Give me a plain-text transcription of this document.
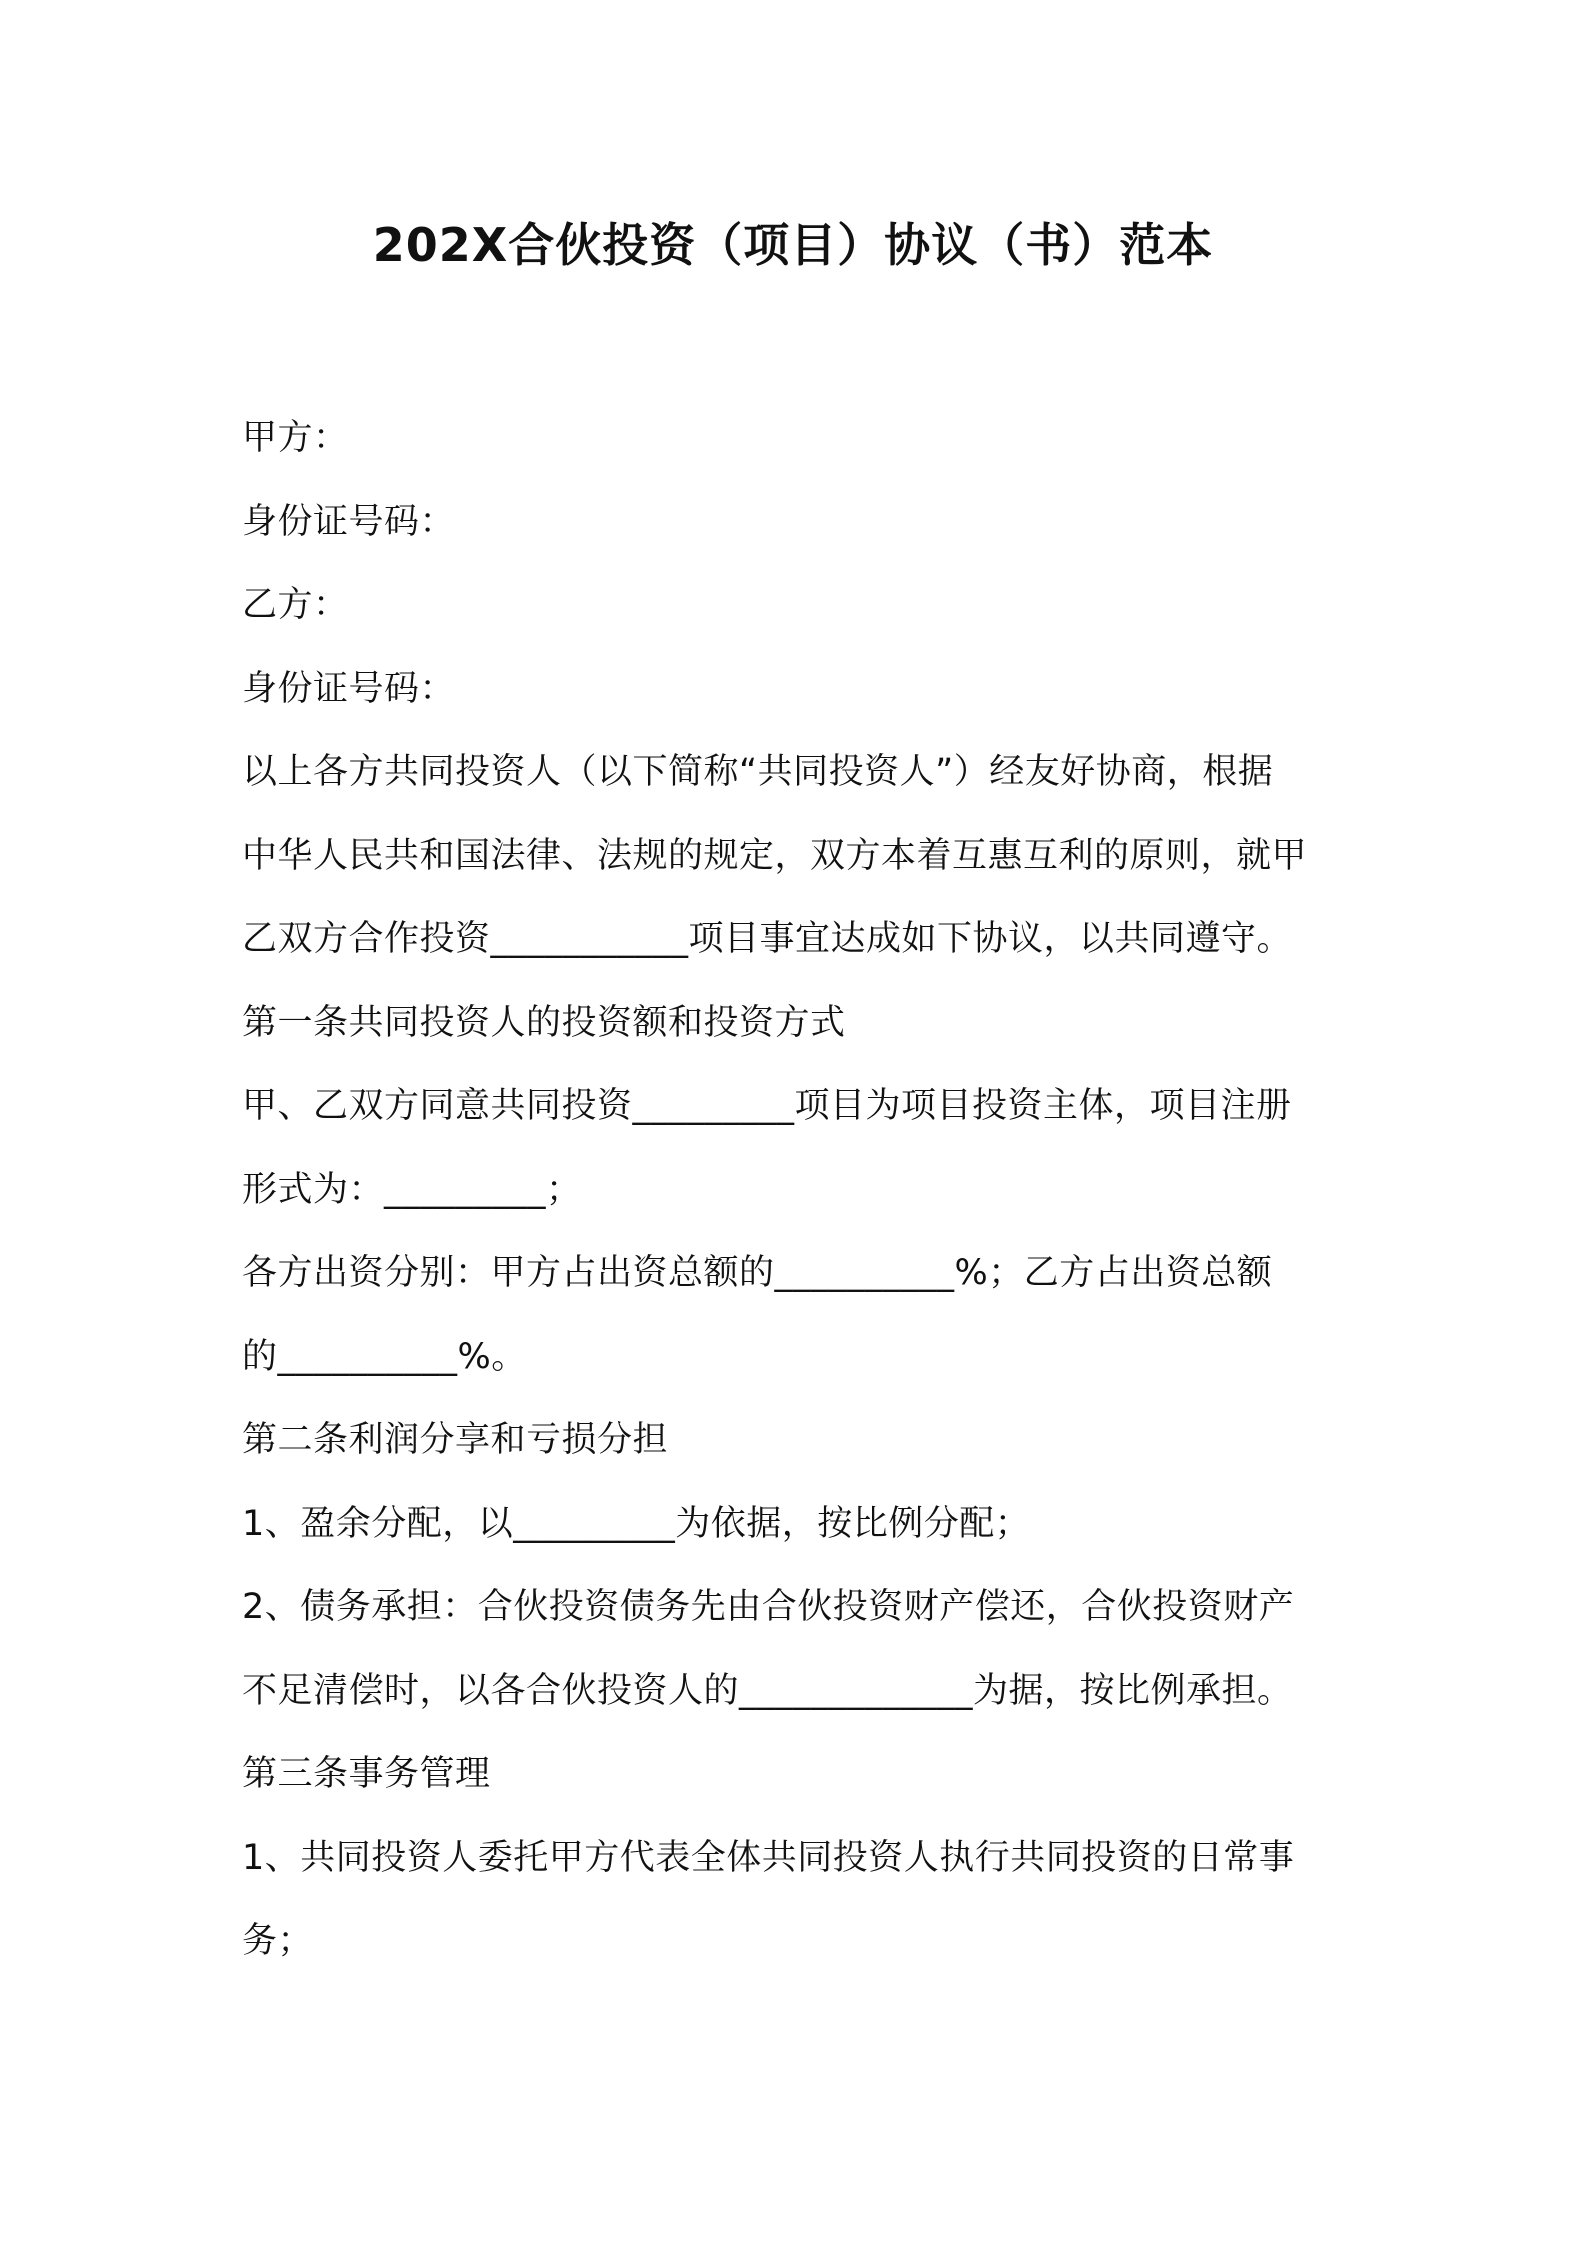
202X合伙投资（项目）协议（书）范本
甲方：
身份证号码：
乙方：
身份证号码：
以上各方共同投资人（以下简称“共同投资人”）经友好协商，根据
中华人民共和国法律、法规的规定，双方本着互惠互利的原则，就甲
乙双方合作投资___________项目事宜达成如下协议，以共同遵守。
第一条共同投资人的投资额和投资方式
甲、乙双方同意共同投资_________项目为项目投资主体，项目注册
形式为：_________；
各方出资分别：甲方占出资总额的__________%；乙方占出资总额
的__________%。
第二条利润分享和亏损分担
1、盈余分配，以_________为依据，按比例分配；
2、债务承担：合伙投资债务先由合伙投资财产偿还，合伙投资财产
不足清偿时，以各合伙投资人的_____________为据，按比例承担。
第三条事务管理
1、共同投资人委托甲方代表全体共同投资人执行共同投资的日常事
务；
